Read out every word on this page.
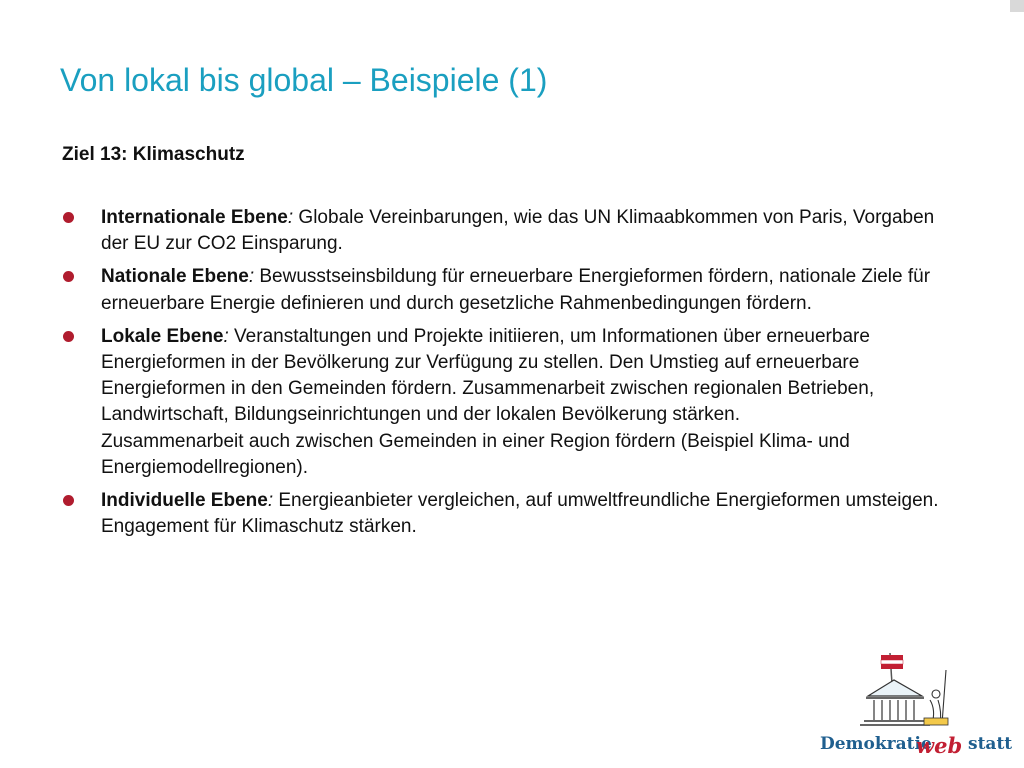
Von lokal bis global – Beispiele (1)
Ziel 13: Klimaschutz
Internationale Ebene: Globale Vereinbarungen, wie das UN Klimaabkommen von Paris, Vorgaben der EU zur CO2 Einsparung.
Nationale Ebene: Bewusstseinsbildung für erneuerbare Energieformen fördern, nationale Ziele für erneuerbare Energie definieren und durch gesetzliche Rahmenbedingungen fördern.
Lokale Ebene: Veranstaltungen und Projekte initiieren, um Informationen über erneuerbare Energieformen in der Bevölkerung zur Verfügung zu stellen. Den Umstieg auf erneuerbare Energieformen in den Gemeinden fördern. Zusammenarbeit zwischen regionalen Betrieben, Landwirtschaft, Bildungseinrichtungen und der lokalen Bevölkerung stärken.
Zusammenarbeit auch zwischen Gemeinden in einer Region fördern (Beispiel Klima- und Energiemodellregionen).
Individuelle Ebene: Energieanbieter vergleichen, auf umweltfreundliche Energieformen umsteigen. Engagement für Klimaschutz stärken.
Demokratie
web statt
